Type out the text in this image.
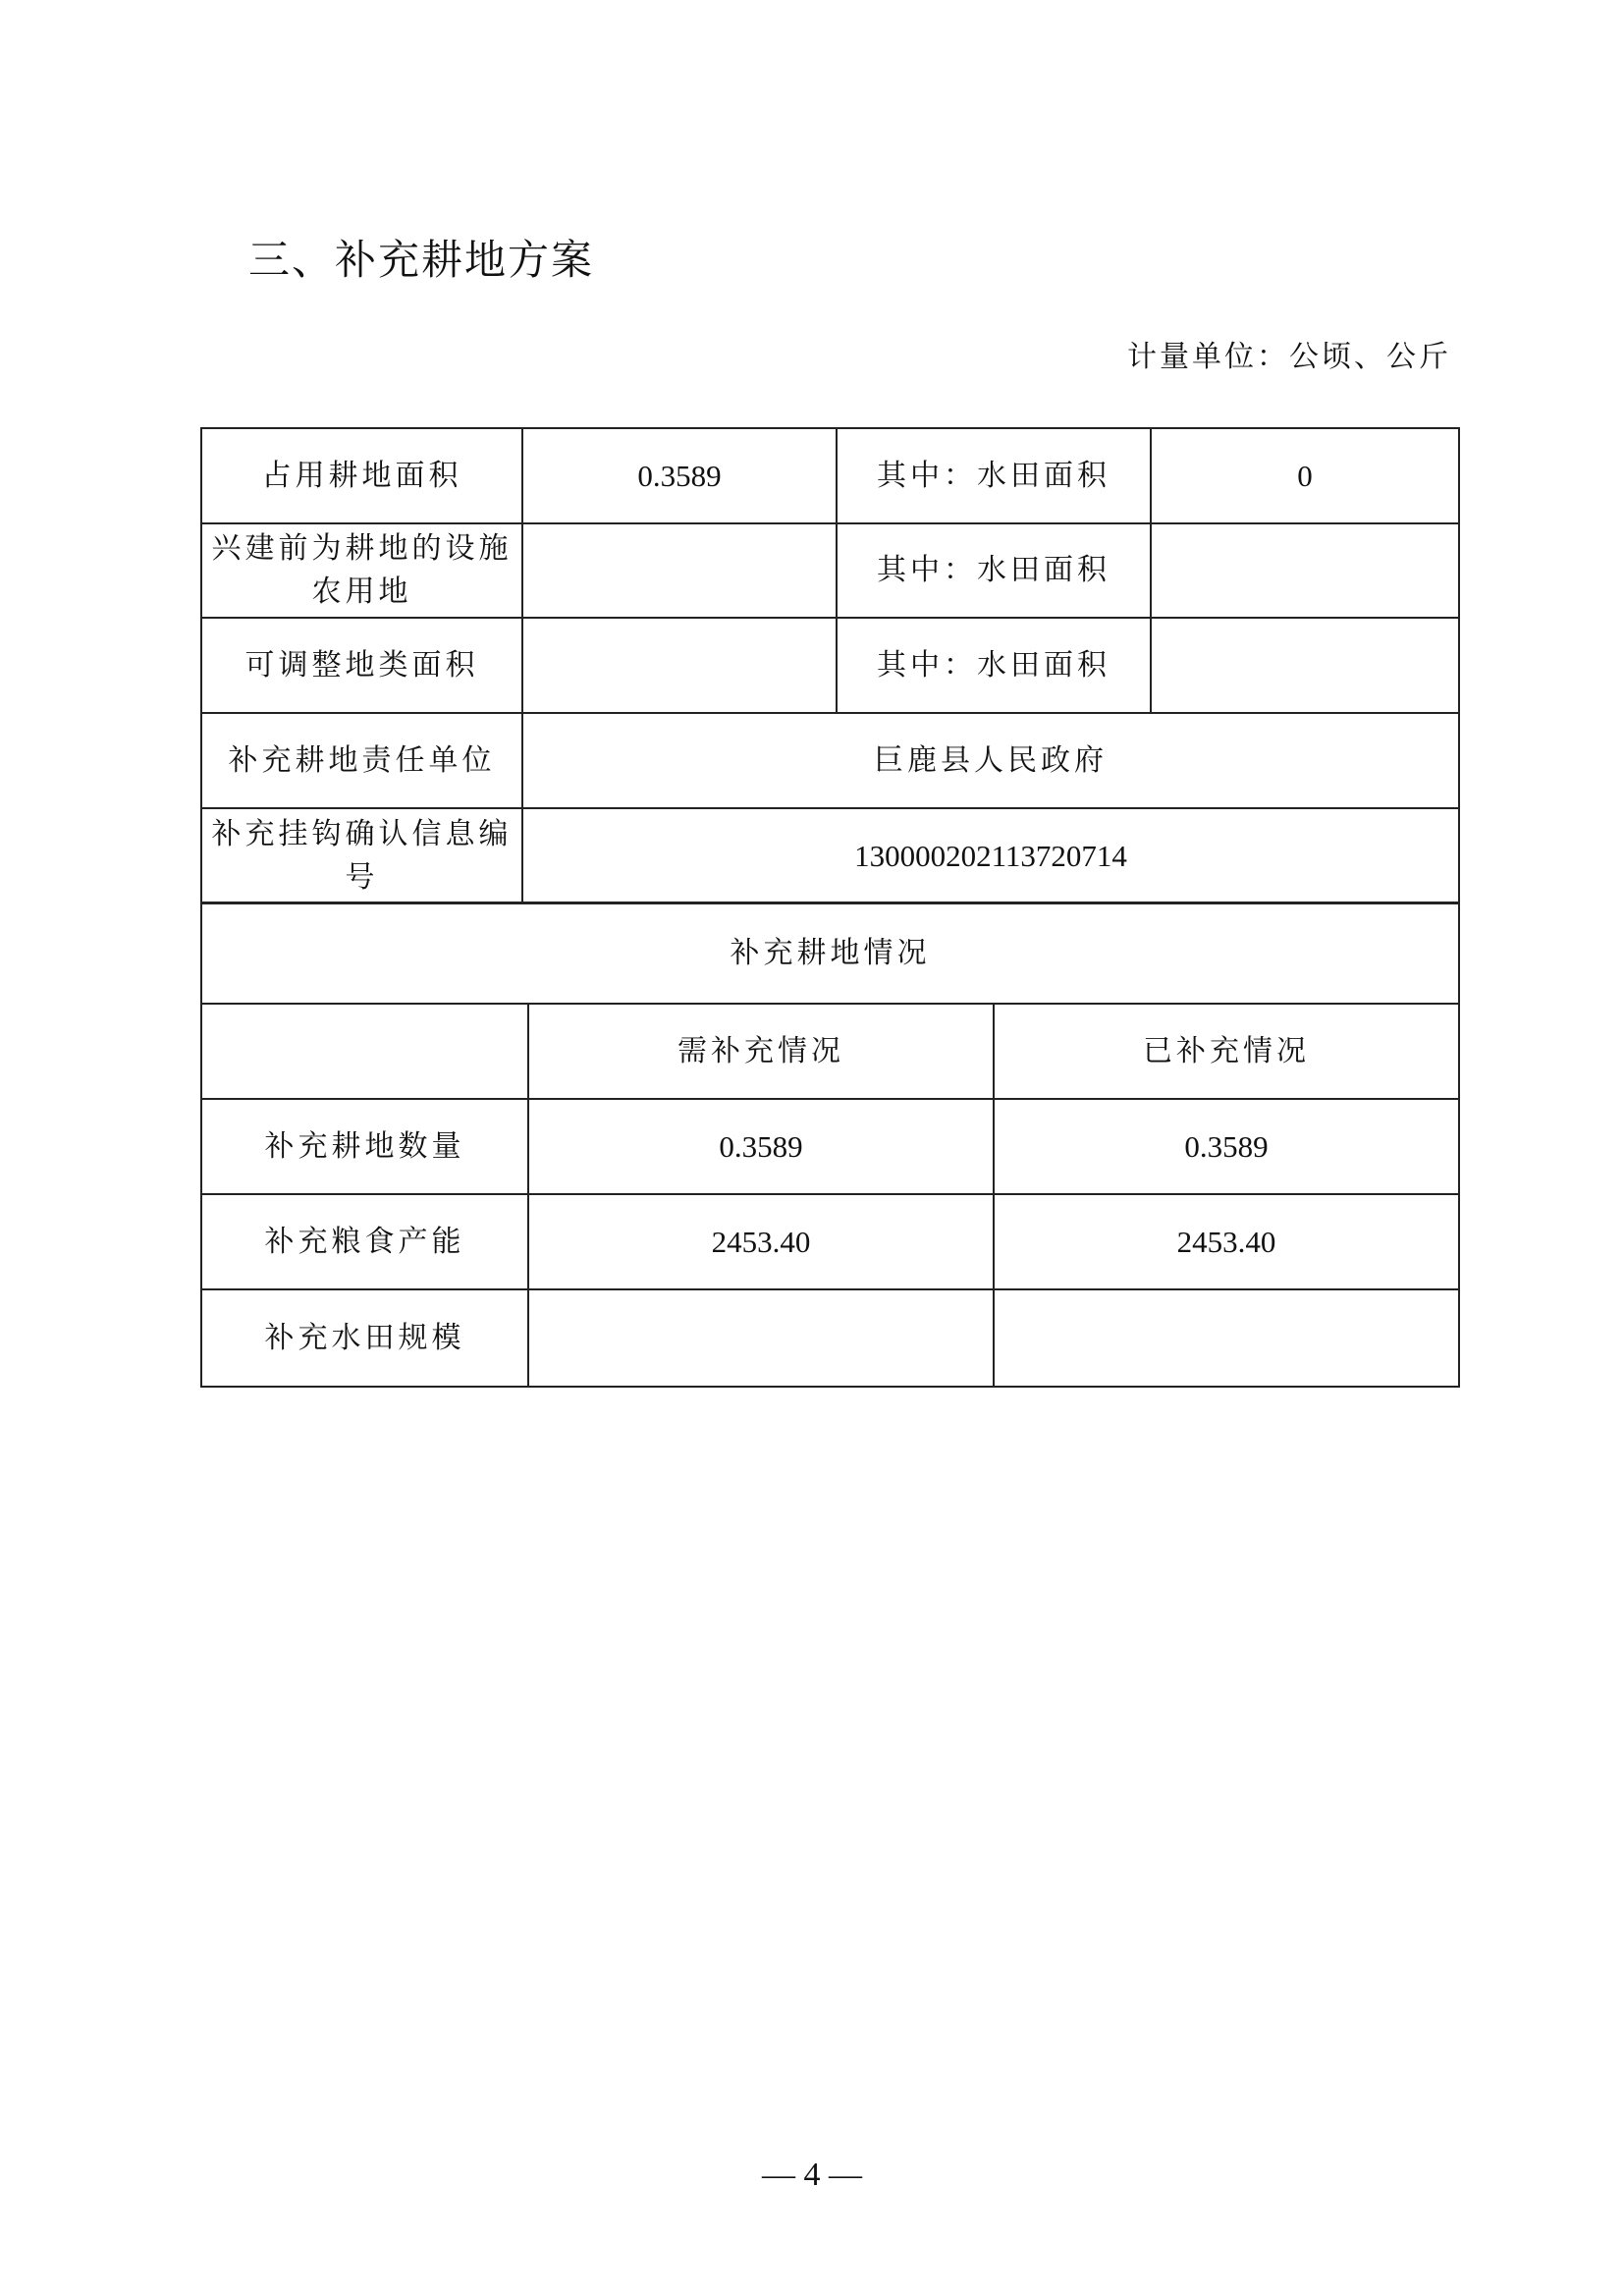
三、补充耕地方案
计量单位：公顷、公斤
占用耕地面积	0.3589	其中：水田面积	0
兴建前为耕地的设施农用地		其中：水田面积	
可调整地类面积		其中：水田面积	
补充耕地责任单位	巨鹿县人民政府		
补充挂钩确认信息编号	130000202113720714		
补充耕地情况		
	需补充情况	已补充情况
补充耕地数量	0.3589	0.3589
补充粮食产能	2453.40	2453.40
补充水田规模		
— 4 —
